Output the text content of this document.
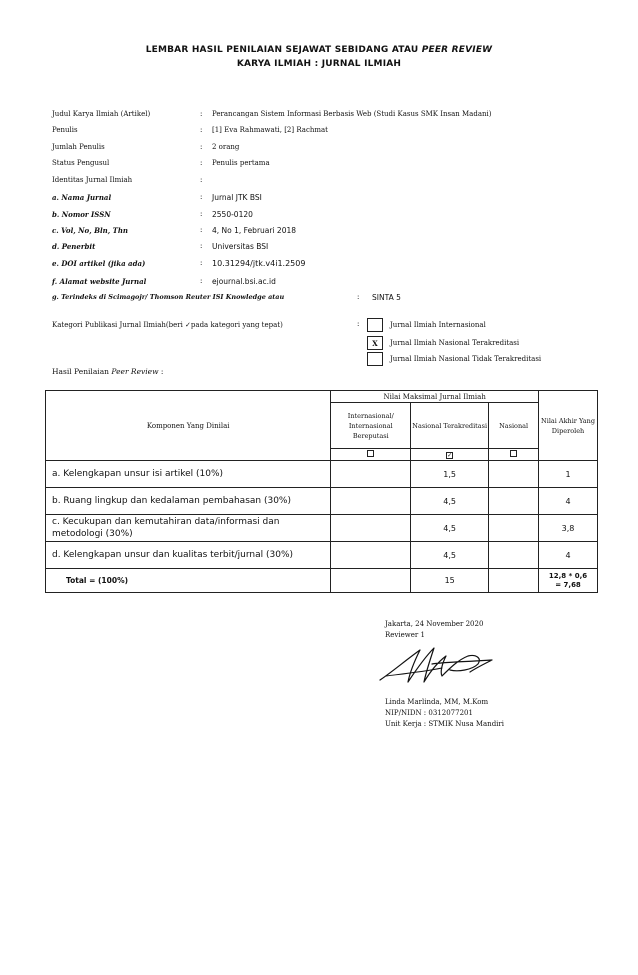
LEMBAR HASIL PENILAIAN SEJAWAT SEBIDANG ATAU PEER REVIEW
KARYA ILMIAH : JURNAL ILMIAH
Judul Karya Ilmiah (Artikel)	: Perancangan Sistem Informasi Berbasis Web (Studi Kasus SMK Insan Madani)
Penulis	: [1] Eva Rahmawati, [2] Rachmat
Jumlah Penulis	: 2 orang
Status Pengusul	: Penulis pertama
Identitas Jurnal Ilmiah	:
a. Nama Jurnal	: Jurnal JTK BSI
b. Nomor ISSN	: 2550-0120
c. Vol, No, Bln, Thn	: 4, No 1, Februari 2018
d. Penerbit	: Universitas BSI
e. DOI artikel (jika ada)	: 10.31294/jtk.v4i1.2509
f. Alamat website Jurnal	: ejournal.bsi.ac.id
g. Terindeks di Scimagojr/ Thomson Reuter ISI Knowledge atau	: SINTA 5
Kategori Publikasi Jurnal Ilmiah(beri ✓pada kategori yang tepat)	:	Jurnal Ilmiah Internasional
X	Jurnal Ilmiah Nasional Terakreditasi
Jurnal Ilmiah Nasional Tidak Terakreditasi
Hasil Penilaian Peer Review :
Komponen Yang Dinilai	Nilai Maksimal Jurnal Ilmiah			Nilai Akhir Yang Diperoleh
	Internasional/ Internasional Bereputasi	Nasional Terakreditasi	Nasional	
		✓		
a. Kelengkapan unsur isi artikel (10%)		1,5		1
b. Ruang lingkup dan kedalaman pembahasan (30%)		4,5		4
c. Kecukupan dan kemutahiran data/informasi dan metodologi (30%)		4,5		3,8
d. Kelengkapan unsur dan kualitas terbit/jurnal (30%)		4,5		4
Total = (100%)		15		12,8 * 0,6
= 7,68
Jakarta, 24 November 2020
Reviewer 1
Linda Marlinda, MM, M.Kom
NIP/NIDN : 0312077201
Unit Kerja : STMIK Nusa Mandiri
